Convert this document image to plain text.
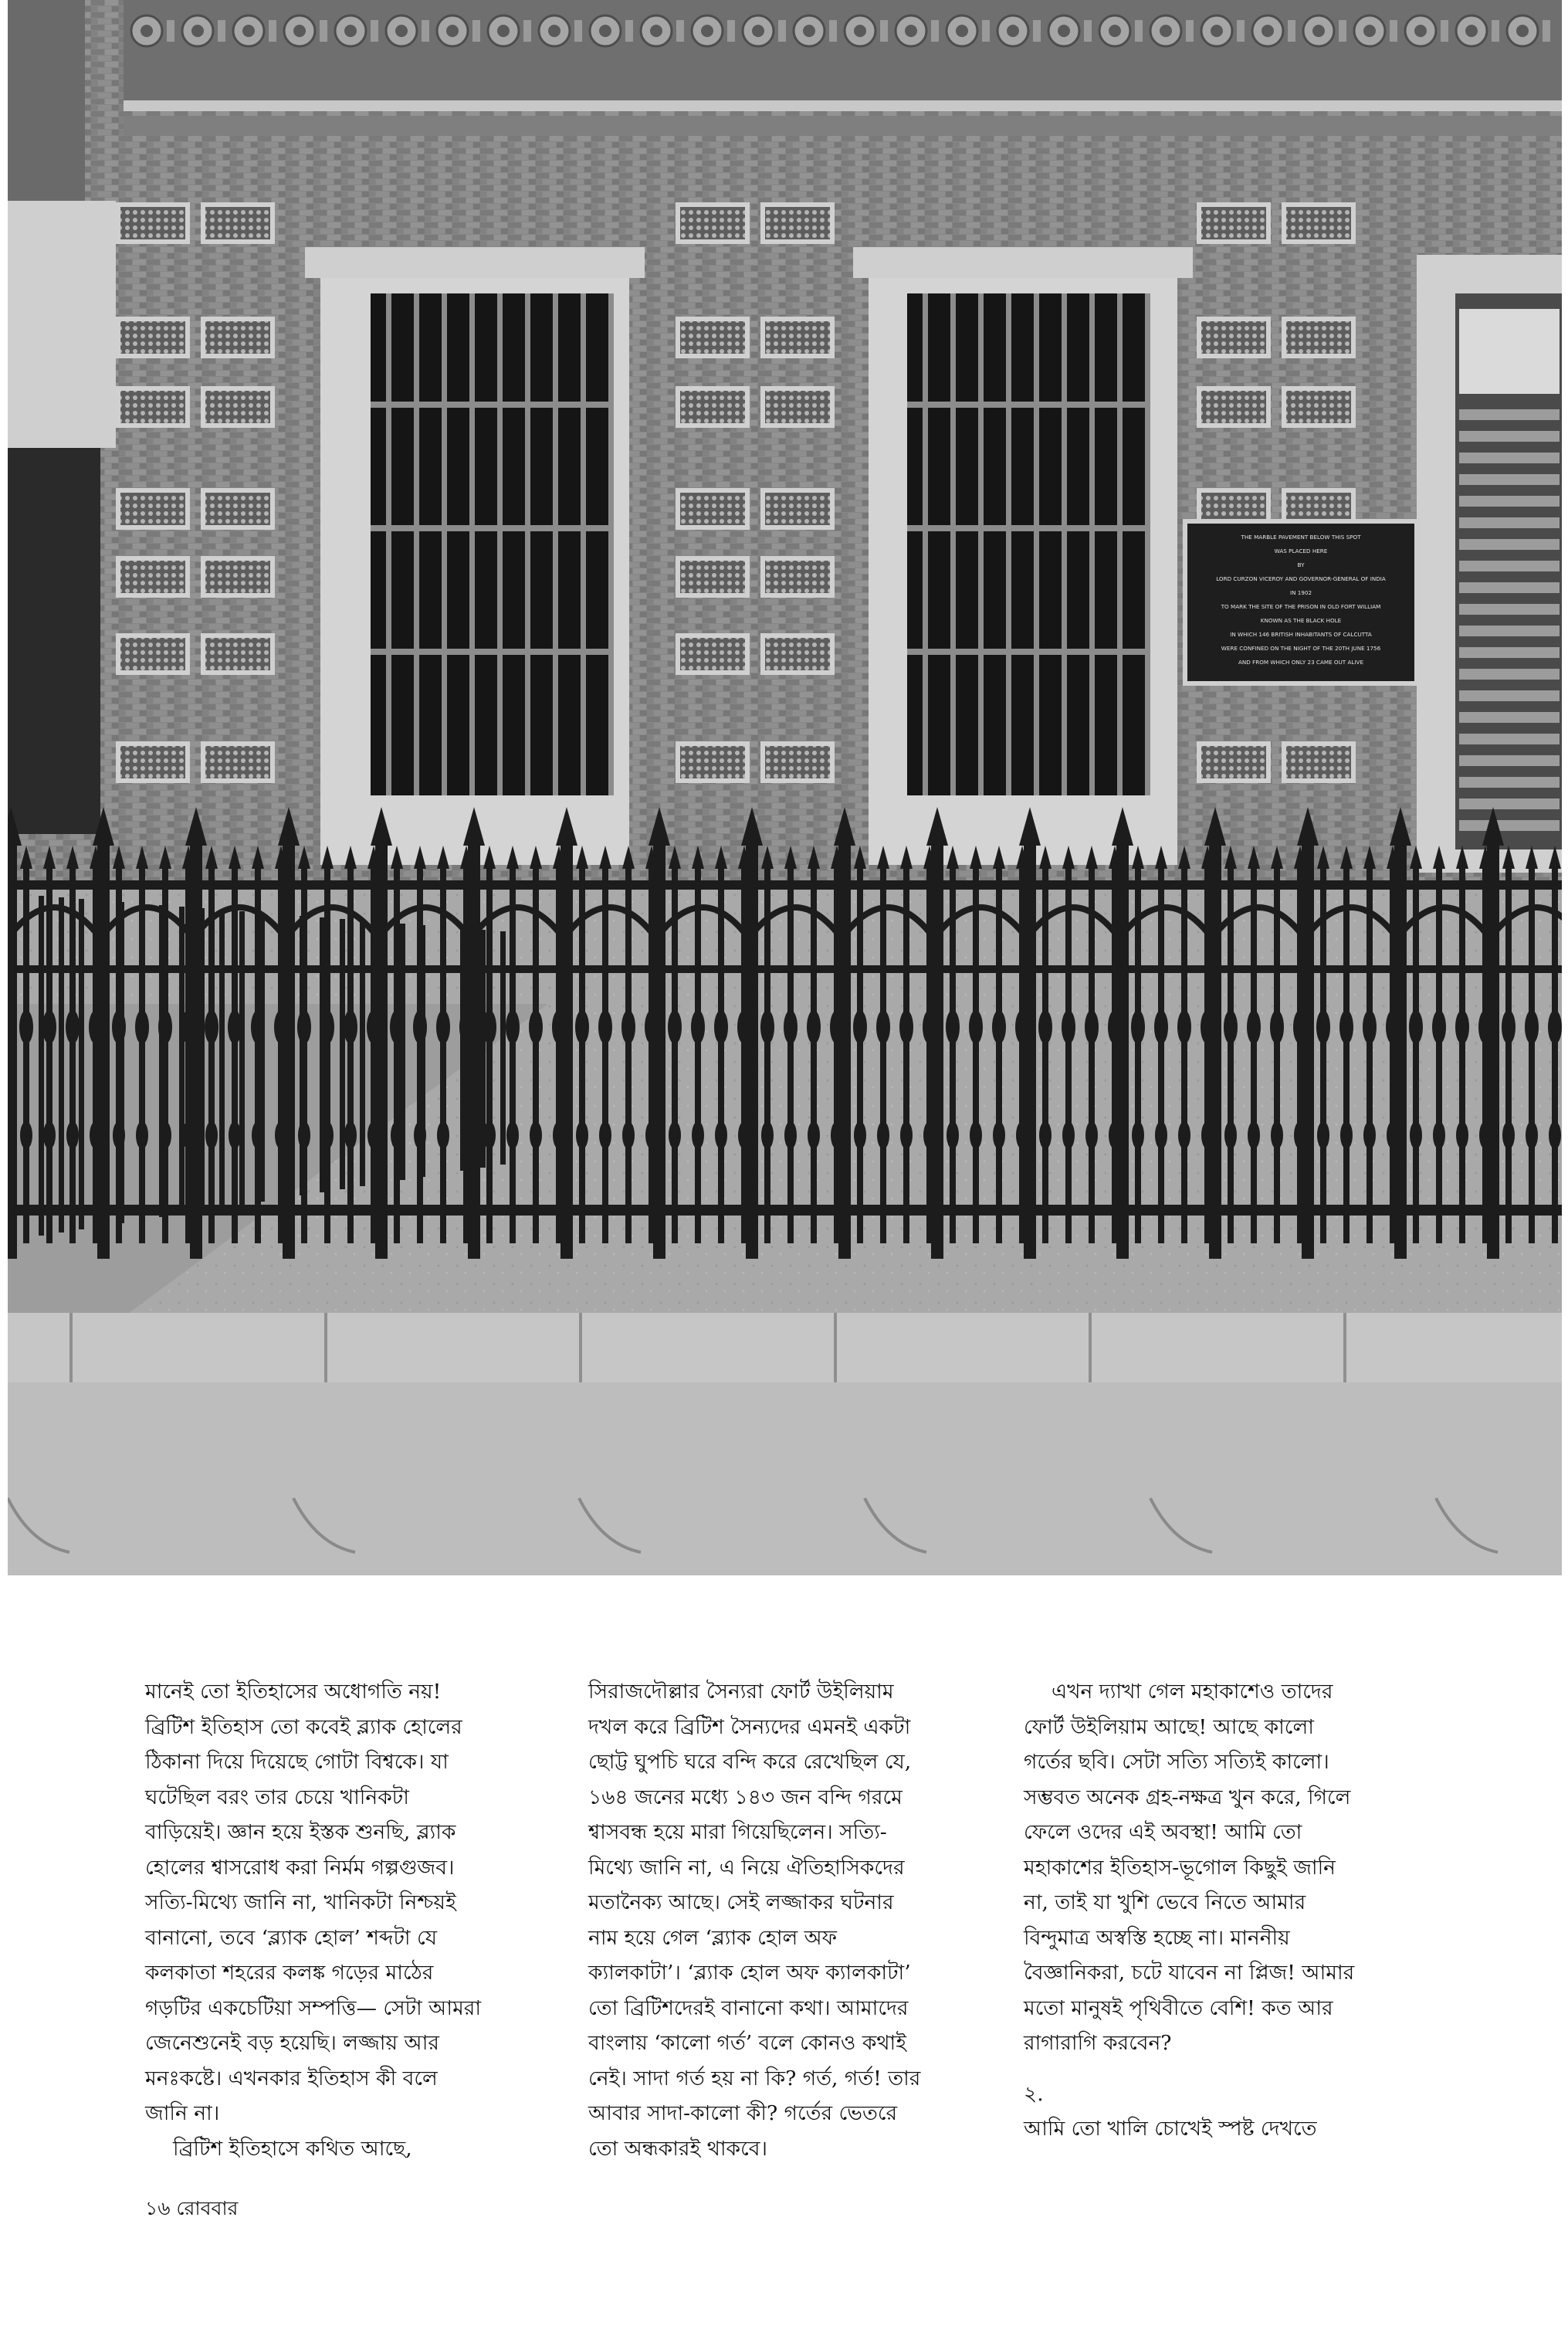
THE MARBLE PAVEMENT BELOW THIS SPOT
WAS PLACED HERE
BY
LORD CURZON VICEROY AND GOVERNOR-GENERAL OF INDIA
IN 1902
TO MARK THE SITE OF THE PRISON IN OLD FORT WILLIAM
KNOWN AS THE BLACK HOLE
IN WHICH 146 BRITISH INHABITANTS OF CALCUTTA
WERE CONFINED ON THE NIGHT OF THE 20TH JUNE 1756
AND FROM WHICH ONLY 23 CAME OUT ALIVE
মানেই তো ইতিহাসের অধোগতি নয়!
ব্রিটিশ ইতিহাস তো কবেই ব্ল্যাক হোলের
ঠিকানা দিয়ে দিয়েছে গোটা বিশ্বকে। যা
ঘটেছিল বরং তার চেয়ে খানিকটা
বাড়িয়েই। জ্ঞান হয়ে ইস্তক শুনছি, ব্ল্যাক
হোলের শ্বাসরোধ করা নির্মম গল্পগুজব।
সত্যি-মিথ্যে জানি না, খানিকটা নিশ্চয়ই
বানানো, তবে ‘ব্ল্যাক হোল’ শব্দটা যে
কলকাতা শহরের কলঙ্ক গড়ের মাঠের
গড়টির একচেটিয়া সম্পত্তি— সেটা আমরা
জেনেশুনেই বড় হয়েছি। লজ্জায় আর
মনঃকষ্টে। এখনকার ইতিহাস কী বলে
জানি না।
ব্রিটিশ ইতিহাসে কথিত আছে,
সিরাজদৌল্লার সৈন্যরা ফোর্ট উইলিয়াম
দখল করে ব্রিটিশ সৈন্যদের এমনই একটা
ছোট্ট ঘুপচি ঘরে বন্দি করে রেখেছিল যে,
১৬৪ জনের মধ্যে ১৪৩ জন বন্দি গরমে
শ্বাসবন্ধ হয়ে মারা গিয়েছিলেন। সত্যি-
মিথ্যে জানি না, এ নিয়ে ঐতিহাসিকদের
মতানৈক্য আছে। সেই লজ্জাকর ঘটনার
নাম হয়ে গেল ‘ব্ল্যাক হোল অফ
ক্যালকাটা’। ‘ব্ল্যাক হোল অফ ক্যালকাটা’
তো ব্রিটিশদেরই বানানো কথা। আমাদের
বাংলায় ‘কালো গর্ত’ বলে কোনও কথাই
নেই। সাদা গর্ত হয় না কি? গর্ত, গর্ত! তার
আবার সাদা-কালো কী? গর্তের ভেতরে
তো অন্ধকারই থাকবে।
এখন দ্যাখা গেল মহাকাশেও তাদের
ফোর্ট উইলিয়াম আছে! আছে কালো
গর্তের ছবি। সেটা সত্যি সত্যিই কালো।
সম্ভবত অনেক গ্রহ-নক্ষত্র খুন করে, গিলে
ফেলে ওদের এই অবস্থা! আমি তো
মহাকাশের ইতিহাস-ভূগোল কিছুই জানি
না, তাই যা খুশি ভেবে নিতে আমার
বিন্দুমাত্র অস্বস্তি হচ্ছে না। মাননীয়
বৈজ্ঞানিকরা, চটে যাবেন না প্লিজ! আমার
মতো মানুষই পৃথিবীতে বেশি! কত আর
রাগারাগি করবেন?
২.
আমি তো খালি চোখেই স্পষ্ট দেখতে
১৬ রোববার
